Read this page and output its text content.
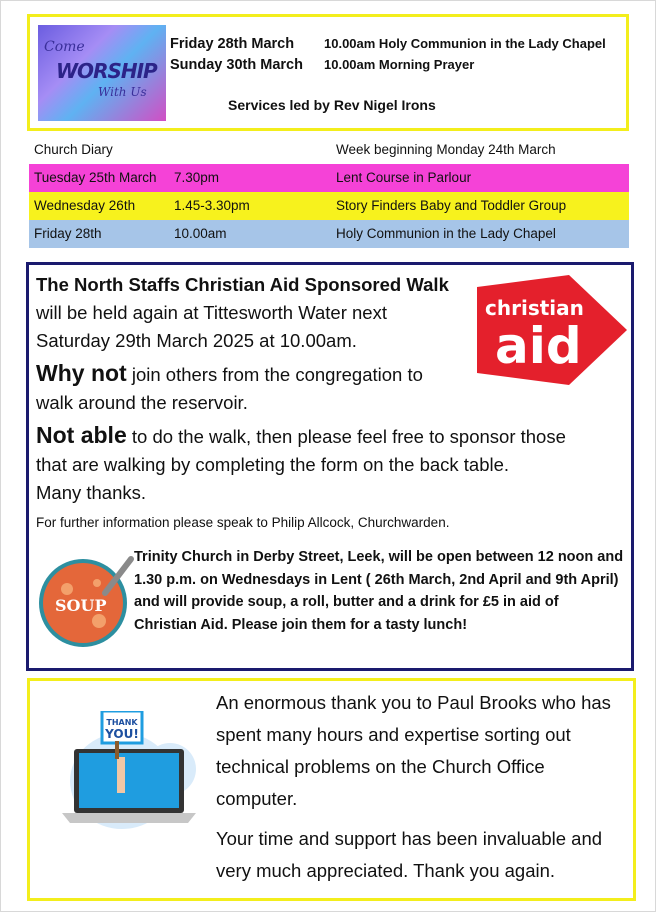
Come
WORSHIP
With Us
Friday 28th March 10.00am Holy Communion in the Lady Chapel
Sunday 30th March 10.00am Morning Prayer
Services led by Rev Nigel Irons
Church Diary	Week beginning Monday 24th March
Tuesday 25th March 7.30pm	Lent Course in Parlour
Wednesday 26th	1.45-3.30pm	Story Finders Baby and Toddler Group
Friday 28th	10.00am	Holy Communion in the Lady Chapel

The North Staffs Christian Aid Sponsored Walk

will be held again at Tittesworth Water next

Saturday 29th March 2025 at 10.00am.

Why not join others from the congregation to

walk around the reservoir.

Not able to do the walk, then please feel free to sponsor those

that are walking by completing the form on the back table.

Many thanks.

For further information please speak to Philip Allcock, Churchwarden.
christian
aid
SOUP
Trinity Church in Derby Street, Leek, will be open between 12 noon and 1.30 p.m. on Wednesdays in Lent ( 26th March, 2nd April and 9th April) and will provide soup, a roll, butter and a drink for £5 in aid of
Christian Aid. Please join them for a tasty lunch!
THANK
YOU!

An enormous thank you to Paul Brooks who has spent many hours and expertise sorting out technical problems on the Church Office computer.

Your time and support has been invaluable and very much appreciated. Thank you again.
